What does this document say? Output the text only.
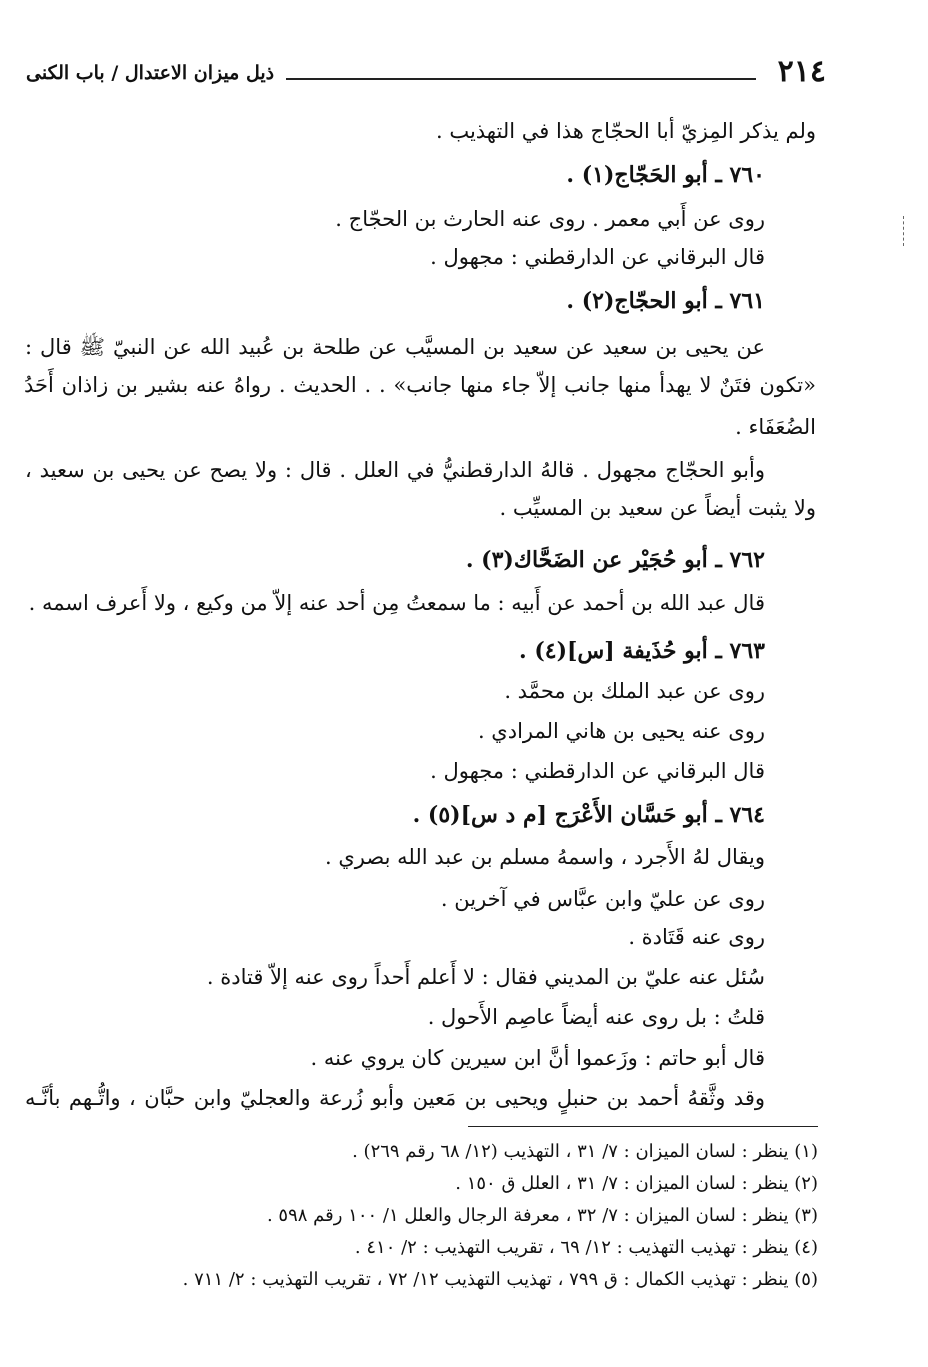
٢١٤
ذيل ميزان الاعتدال / باب الكنى
ولم يذكر المِزيّ أبا الحجّاج هذا في التهذيب .
٧٦٠ ـ أبو الحَجّاج(١) .
روى عن أَبي معمر . روى عنه الحارث بن الحجّاج .
قال البرقاني عن الدارقطني : مجهول .
٧٦١ ـ أبو الحجّاج(٢) .
عن يحيى بن سعيد عن سعيد بن المسيَّب عن طلحة بن عُبيد الله عن النبيّ ﷺ قال :
«تكون فتَنٌ لا يهدأ منها جانب إلاّ جاء منها جانب» . . الحديث . رواهُ عنه بشير بن زاذان أَحَدُ
الضُعَفَاء .
وأبو الحجّاج مجهول . قالهُ الدارقطنيُّ في العلل . قال : ولا يصح عن يحيى بن سعيد ،
ولا يثبت أيضاً عن سعيد بن المسيِّب .
٧٦٢ ـ أبو حُجَيْر عن الضَحَّاك(٣) .
قال عبد الله بن أحمد عن أَبيه : ما سمعتُ مِن أحد عنه إلاّ من وكيع ، ولا أَعرف اسمه .
٧٦٣ ـ أبو حُذَيفة [س](٤) .
روى عن عبد الملك بن محمَّد .
روى عنه يحيى بن هاني المرادي .
قال البرقاني عن الدارقطني : مجهول .
٧٦٤ ـ أبو حَسَّان الأَعْرَج [م د س](٥) .
ويقال لهُ الأَجرد ، واسمهُ مسلم بن عبد الله بصري .
روى عن عليّ وابن عبَّاس في آخرين .
روى عنه قَتَادة .
سُئل عنه عليّ بن المديني فقال : لا أَعلم أَحداً روى عنه إلاّ قتادة .
قلتُ : بل روى عنه أيضاً عاصِم الأَحول .
قال أبو حاتم : وزَعموا أنَّ ابن سيرين كان يروي عنه .
وقد وثَّقهُ أحمد بن حنبلٍ ويحيى بن مَعين وأبو زُرعة والعجليّ وابن حبَّان ، واتُّـهم بأنَّـه
(١) ينظر : لسان الميزان : ٧/ ٣١ ، التهذيب (١٢/ ٦٨ رقم ٢٦٩) .
(٢) ينظر : لسان الميزان : ٧/ ٣١ ، العلل ق ١٥٠ .
(٣) ينظر : لسان الميزان : ٧/ ٣٢ ، معرفة الرجال والعلل ١/ ١٠٠ رقم ٥٩٨ .
(٤) ينظر : تهذيب التهذيب : ١٢/ ٦٩ ، تقريب التهذيب : ٢/ ٤١٠ .
(٥) ينظر : تهذيب الكمال : ق ٧٩٩ ، تهذيب التهذيب ١٢/ ٧٢ ، تقريب التهذيب : ٢/ ٧١١ .
